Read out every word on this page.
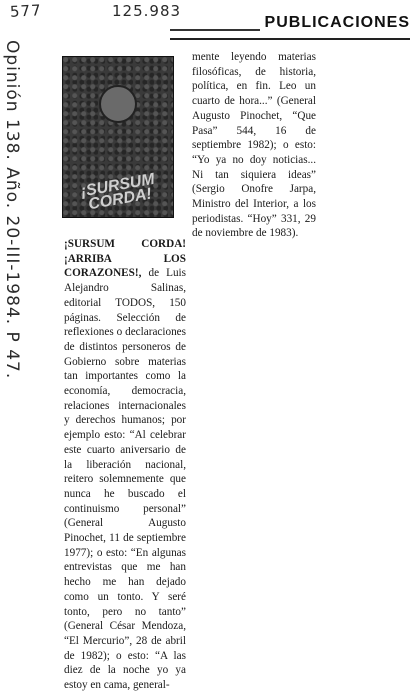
577	125.983
Opinión 138. Año. 20-III-1984. P 47.
PUBLICACIONES
¡SURSUM CORDA!

¡SURSUM CORDA! ¡ARRIBA LOS CORAZONES!, de Luis Alejandro Salinas, editorial TODOS, 150 páginas. Selección de reflexiones o declaraciones de distintos personeros de Gobierno sobre materias tan importantes como la economía, democracia, relaciones internacionales y derechos humanos; por ejemplo esto: “Al celebrar este cuarto aniversario de la liberación nacional, reitero solemnemente que nunca he buscado el continuismo personal” (General Augusto Pinochet, 11 de septiembre 1977); o esto: “En algunas entrevistas que me han hecho me han dejado como un tonto. Y seré tonto, pero no tanto” (General César Mendoza, “El Mercurio”, 28 de abril de 1982); o esto: “A las diez de la noche yo ya estoy en cama, general-

mente leyendo materias filosóficas, de historia, política, en fin. Leo un cuarto de hora...” (General Augusto Pinochet, “Que Pasa” 544, 16 de septiembre 1982); o esto: “Yo ya no doy noticias... Ni tan siquiera ideas” (Sergio Onofre Jarpa, Ministro del Interior, a los periodistas. “Hoy” 331, 29 de noviembre de 1983).
